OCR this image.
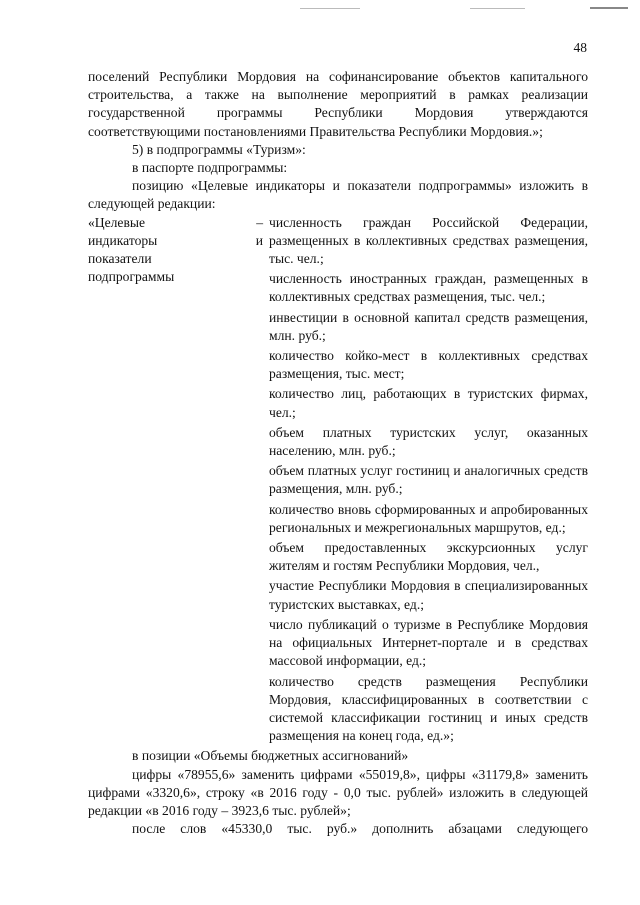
48

поселений Республики Мордовия на софинансирование объектов капитального строительства, а также на выполнение мероприятий в рамках реализации государственной программы Республики Мордовия утверждаются соответствующими постановлениями Правительства Республики Мордовия.»;

5) в подпрограммы «Туризм»:

в паспорте подпрограммы:

позицию «Целевые индикаторы и показатели подпрограммы» изложить в следующей редакции:

«Целевые	–
индикаторы	и
показатели
подпрограммы

численность граждан Российской Федерации, размещенных в коллективных средствах размещения, тыс. чел.;

численность иностранных граждан, размещенных в коллективных средствах размещения, тыс. чел.;

инвестиции в основной капитал средств размещения, млн. руб.;

количество койко-мест в коллективных средствах размещения, тыс. мест;

количество лиц, работающих в туристских фирмах, чел.;

объем платных туристских услуг, оказанных населению, млн. руб.;

объем платных услуг гостиниц и аналогичных средств размещения, млн. руб.;

количество вновь сформированных и апробированных региональных и межрегиональных маршрутов, ед.;

объем предоставленных экскурсионных услуг жителям и гостям Республики Мордовия, чел.,

участие Республики Мордовия в специализированных туристских выставках, ед.;

число публикаций о туризме в Республике Мордовия на официальных Интернет-портале и в средствах массовой информации, ед.;

количество средств размещения Республики Мордовия, классифицированных в соответствии с системой классификации гостиниц и иных средств размещения на конец года, ед.»;

в позиции «Объемы бюджетных ассигнований»

цифры «78955,6» заменить цифрами «55019,8», цифры «31179,8» заменить цифрами «3320,6», строку «в 2016 году - 0,0 тыс. рублей» изложить в следующей редакции «в 2016 году – 3923,6 тыс. рублей»;

после слов «45330,0 тыс. руб.» дополнить абзацами следующего
